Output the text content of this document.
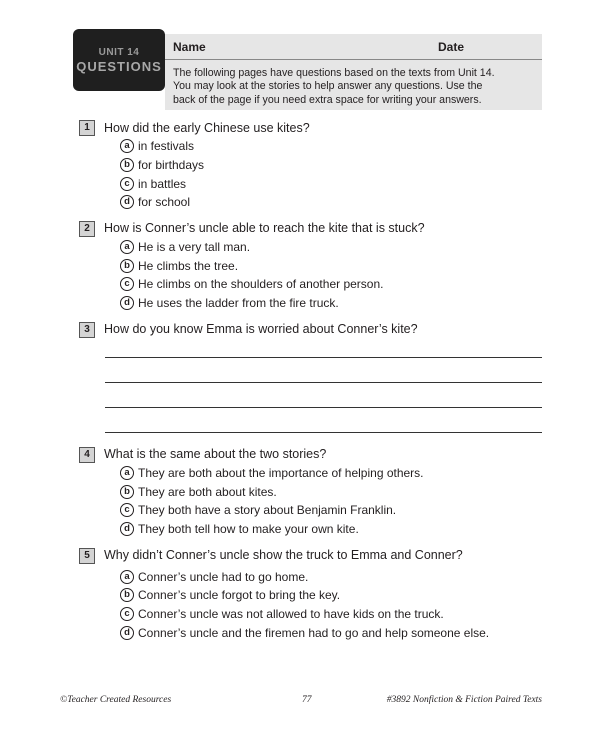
UNIT 14
QUESTIONS
Name	Date
The following pages have questions based on the texts from Unit 14.
You may look at the stories to help answer any questions. Use the
back of the page if you need extra space for writing your answers.
1	How did the early Chinese use kites?
a in festivals
b for birthdays
c in battles
d for school
2	How is Conner’s uncle able to reach the kite that is stuck?
a He is a very tall man.
b He climbs the tree.
c He climbs on the shoulders of another person.
d He uses the ladder from the fire truck.
3	How do you know Emma is worried about Conner’s kite?
4	What is the same about the two stories?
a They are both about the importance of helping others.
b They are both about kites.
c They both have a story about Benjamin Franklin.
d They both tell how to make your own kite.
5	Why didn’t Conner’s uncle show the truck to Emma and Conner?
a Conner’s uncle had to go home.
b Conner’s uncle forgot to bring the key.
c Conner’s uncle was not allowed to have kids on the truck.
d Conner’s uncle and the firemen had to go and help someone else.
©Teacher Created Resources	77	#3892 Nonfiction & Fiction Paired Texts
